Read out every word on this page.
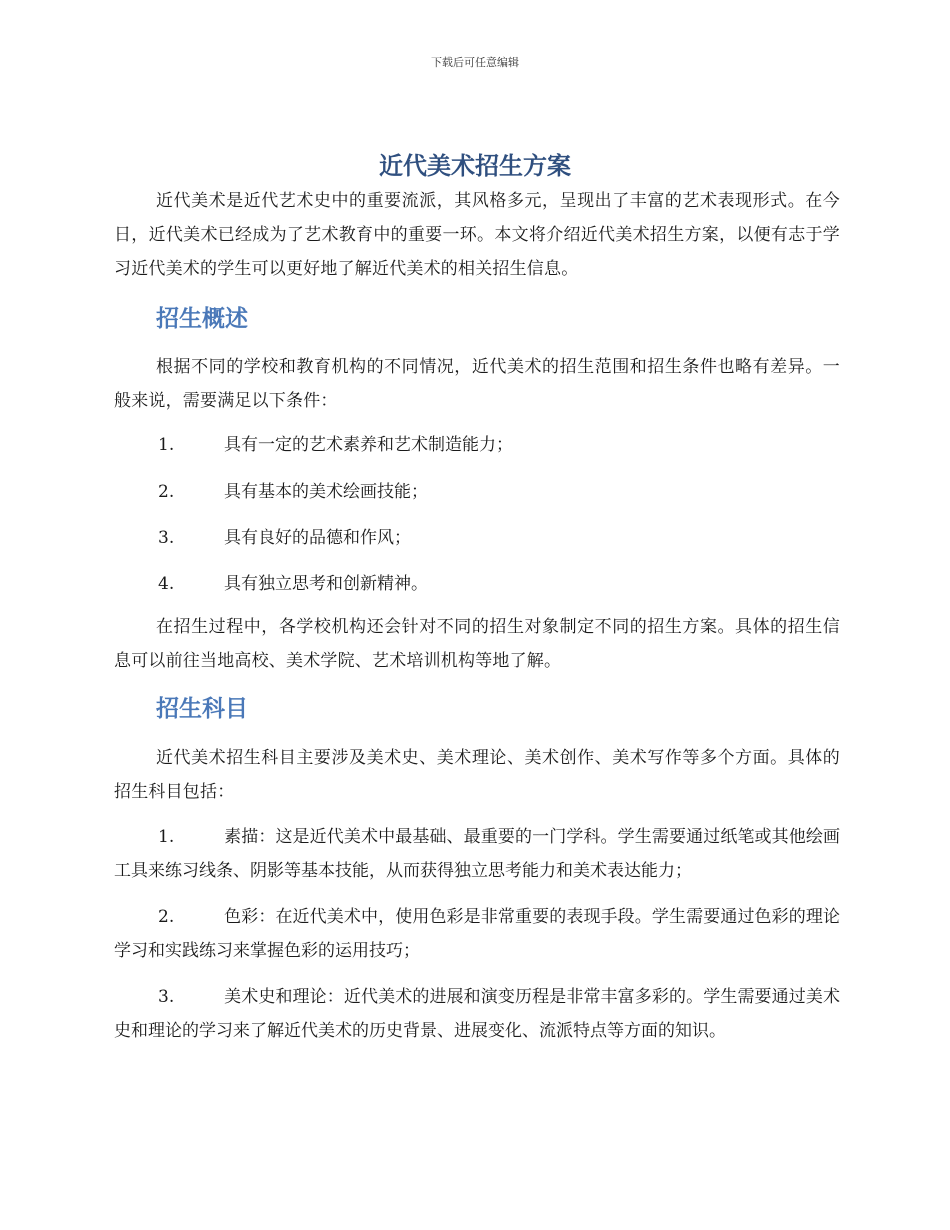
下载后可任意编辑
近代美术招生方案

近代美术是近代艺术史中的重要流派，其风格多元，呈现出了丰富的艺术表现形式。在今日，近代美术已经成为了艺术教育中的重要一环。本文将介绍近代美术招生方案，以便有志于学习近代美术的学生可以更好地了解近代美术的相关招生信息。

招生概述

根据不同的学校和教育机构的不同情况，近代美术的招生范围和招生条件也略有差异。一般来说，需要满足以下条件：

1.	具有一定的艺术素养和艺术制造能力；
2.	具有基本的美术绘画技能；
3.	具有良好的品德和作风；
4.	具有独立思考和创新精神。

在招生过程中，各学校机构还会针对不同的招生对象制定不同的招生方案。具体的招生信息可以前往当地高校、美术学院、艺术培训机构等地了解。

招生科目

近代美术招生科目主要涉及美术史、美术理论、美术创作、美术写作等多个方面。具体的招生科目包括：

1.	素描：这是近代美术中最基础、最重要的一门学科。学生需要通过纸笔或其他绘画工具来练习线条、阴影等基本技能，从而获得独立思考能力和美术表达能力；

2.	色彩：在近代美术中，使用色彩是非常重要的表现手段。学生需要通过色彩的理论学习和实践练习来掌握色彩的运用技巧；

3.	美术史和理论：近代美术的进展和演变历程是非常丰富多彩的。学生需要通过美术史和理论的学习来了解近代美术的历史背景、进展变化、流派特点等方面的知识。
